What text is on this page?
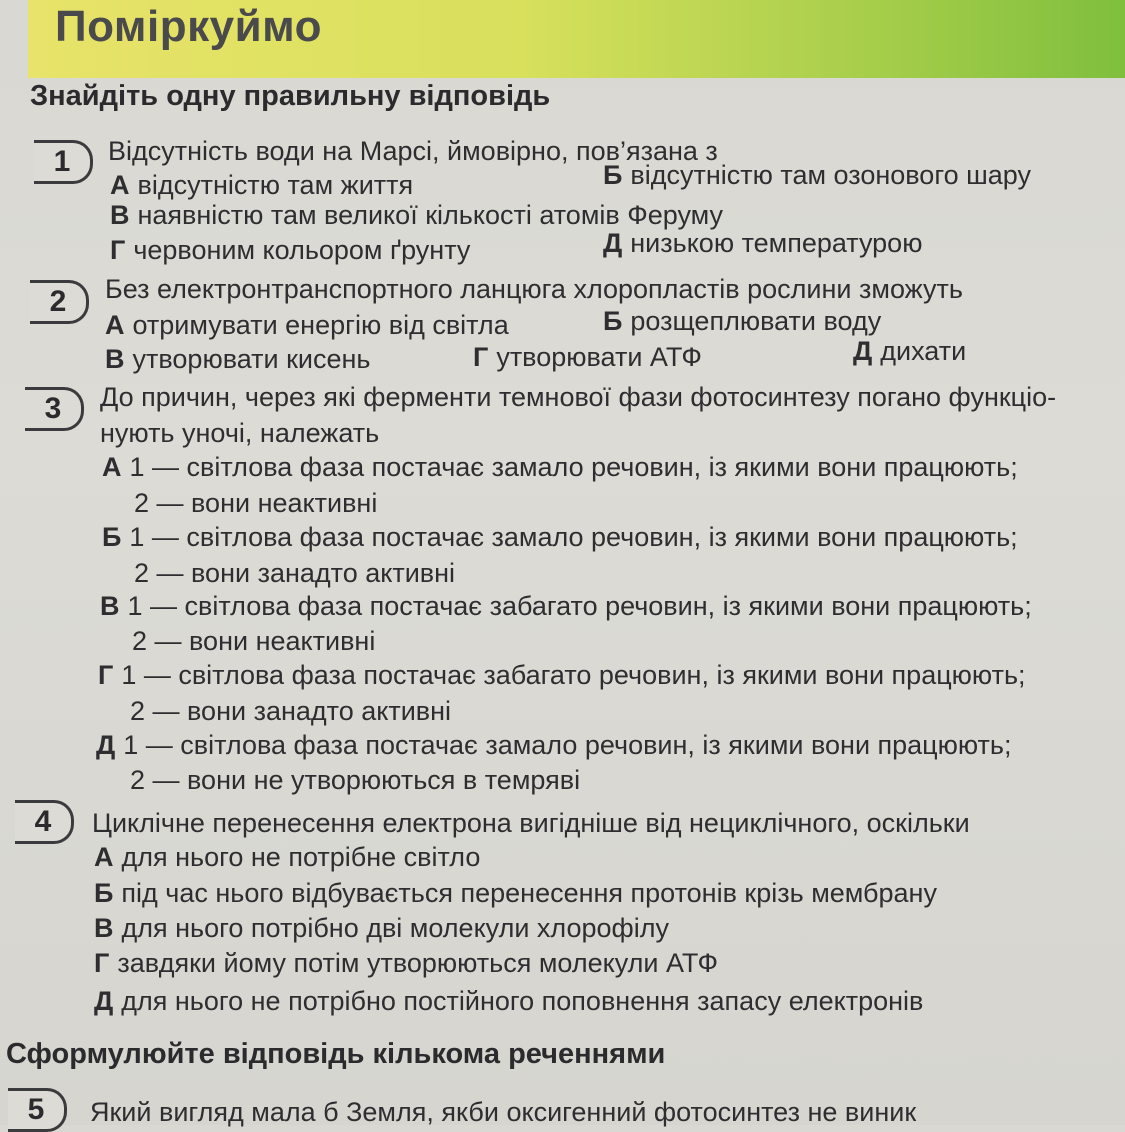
Поміркуймо
Знайдіть одну правильну відповідь
1	Відсутність води на Марсі, ймовірно, пов’язана з
А відсутністю там життя	Б відсутністю там озонового шару
В наявністю там великої кількості атомів Феруму
Г червоним кольором ґрунту	Д низькою температурою
2	Без електронтранспортного ланцюга хлоропластів рослини зможуть
А отримувати енергію від світла	Б розщеплювати воду
В утворювати кисень	Г утворювати АТФ	Д дихати
3	До причин, через які ферменти темнової фази фотосинтезу погано функціо-
нують уночі, належать
А 1 — світлова фаза постачає замало речовин, із якими вони працюють;
2 — вони неактивні
Б 1 — світлова фаза постачає замало речовин, із якими вони працюють;
2 — вони занадто активні
В 1 — світлова фаза постачає забагато речовин, із якими вони працюють;
2 — вони неактивні
Г 1 — світлова фаза постачає забагато речовин, із якими вони працюють;
2 — вони занадто активні
Д 1 — світлова фаза постачає замало речовин, із якими вони працюють;
2 — вони не утворюються в темряві
4	Циклічне перенесення електрона вигідніше від нециклічного, оскільки
А для нього не потрібне світло
Б під час нього відбувається перенесення протонів крізь мембрану
В для нього потрібно дві молекули хлорофілу
Г завдяки йому потім утворюються молекули АТФ
Д для нього не потрібно постійного поповнення запасу електронів
Сформулюйте відповідь кількома реченнями
5	Який вигляд мала б Земля, якби оксигенний фотосинтез не виник
